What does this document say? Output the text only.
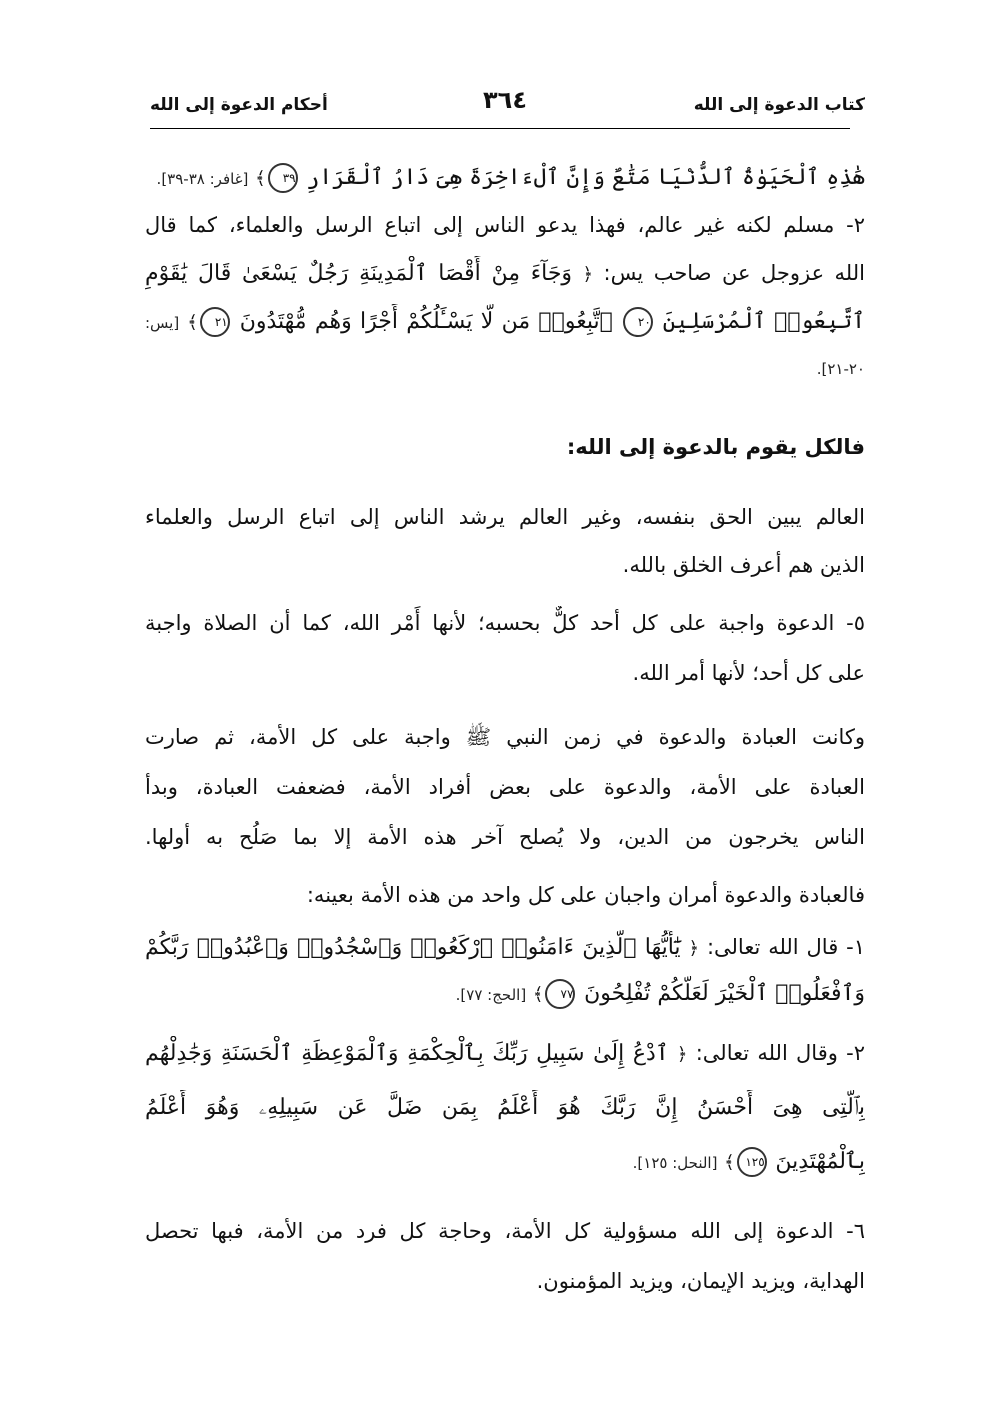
كتاب الدعوة إلى الله
٣٦٤
أحكام الدعوة إلى الله
هَٰذِهِ ٱلْحَيَوٰةُ ٱلدُّنْيَا مَتَٰعٌ وَإِنَّ ٱلْءَاخِرَةَ هِىَ دَارُ ٱلْقَرَارِ ٣٩﴾ [غافر: ٣٨-٣٩].
٢- مسلم لكنه غير عالم، فهذا يدعو الناس إلى اتباع الرسل والعلماء، كما قال
الله عزوجل عن صاحب يس: ﴿ وَجَآءَ مِنْ أَقْصَا ٱلْمَدِينَةِ رَجُلٌ يَسْعَىٰ قَالَ يَٰقَوْمِ
ٱتَّبِعُوا۟ ٱلْمُرْسَلِينَ ٢٠ ٱتَّبِعُوا۟ مَن لَّا يَسْـَٔلُكُمْ أَجْرًا وَهُم مُّهْتَدُونَ ٢١﴾ [يس:
٢٠-٢١].
فالكل يقوم بالدعوة إلى الله:
العالم يبين الحق بنفسه، وغير العالم يرشد الناس إلى اتباع الرسل والعلماء
الذين هم أعرف الخلق بالله.
٥- الدعوة واجبة على كل أحد كلٌّ بحسبه؛ لأنها أَمْر الله، كما أن الصلاة واجبة
على كل أحد؛ لأنها أمر الله.
وكانت العبادة والدعوة في زمن النبي ﷺ واجبة على كل الأمة، ثم صارت
العبادة على الأمة، والدعوة على بعض أفراد الأمة، فضعفت العبادة، وبدأ
الناس يخرجون من الدين، ولا يُصلح آخر هذه الأمة إلا بما صَلُح به أولها.
فالعبادة والدعوة أمران واجبان على كل واحد من هذه الأمة بعينه:
١- قال الله تعالى: ﴿ يَٰٓأَيُّهَا ٱلَّذِينَ ءَامَنُوا۟ ٱرْكَعُوا۟ وَٱسْجُدُوا۟ وَٱعْبُدُوا۟ رَبَّكُمْ
وَٱفْعَلُوا۟ ٱلْخَيْرَ لَعَلَّكُمْ تُفْلِحُونَ ٧٧﴾ [الحج: ٧٧].
٢- وقال الله تعالى: ﴿ ٱدْعُ إِلَىٰ سَبِيلِ رَبِّكَ بِٱلْحِكْمَةِ وَٱلْمَوْعِظَةِ ٱلْحَسَنَةِ وَجَٰدِلْهُم
بِٱلَّتِى هِىَ أَحْسَنُ إِنَّ رَبَّكَ هُوَ أَعْلَمُ بِمَن ضَلَّ عَن سَبِيلِهِۦ وَهُوَ أَعْلَمُ
بِٱلْمُهْتَدِينَ ١٢٥﴾ [النحل: ١٢٥].
٦- الدعوة إلى الله مسؤولية كل الأمة، وحاجة كل فرد من الأمة، فبها تحصل
الهداية، ويزيد الإيمان، ويزيد المؤمنون.
